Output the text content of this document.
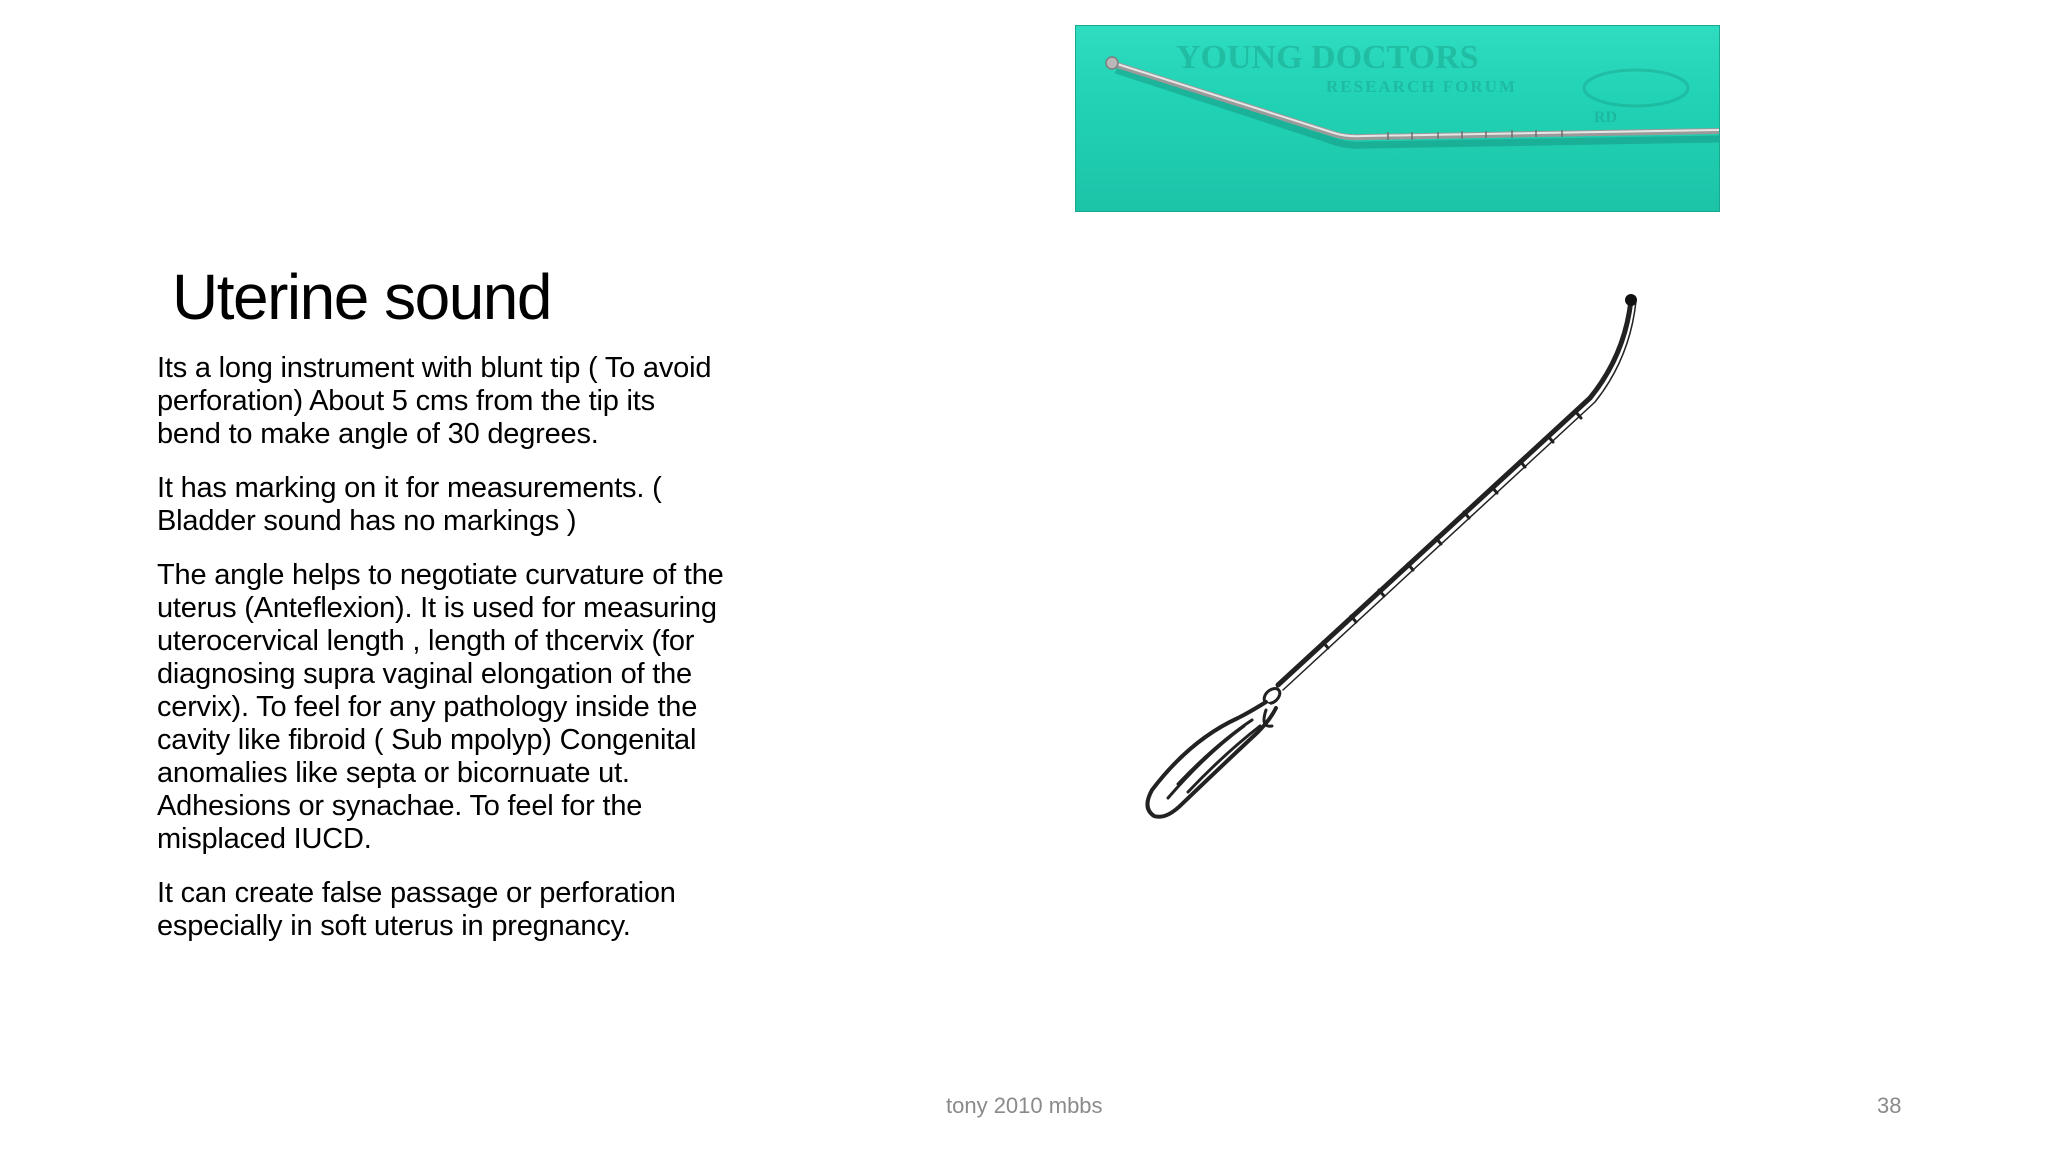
Uterine sound

Its a long instrument with blunt tip ( To avoid
perforation) About 5 cms from the tip its
bend to make angle of 30 degrees.

It has marking on it for measurements. (
Bladder sound has no markings )

The angle helps to negotiate curvature of the
uterus (Anteflexion). It is used for measuring
uterocervical length , length of thcervix (for
diagnosing supra vaginal elongation of the
cervix). To feel for any pathology inside the
cavity like fibroid ( Sub mpolyp) Congenital
anomalies like septa or bicornuate ut.
Adhesions or synachae. To feel for the
misplaced IUCD.

It can create false passage or perforation
especially in soft uterus in pregnancy.

YOUNG DOCTORS
RESEARCH FORUM
RD
tony 2010 mbbs	38
